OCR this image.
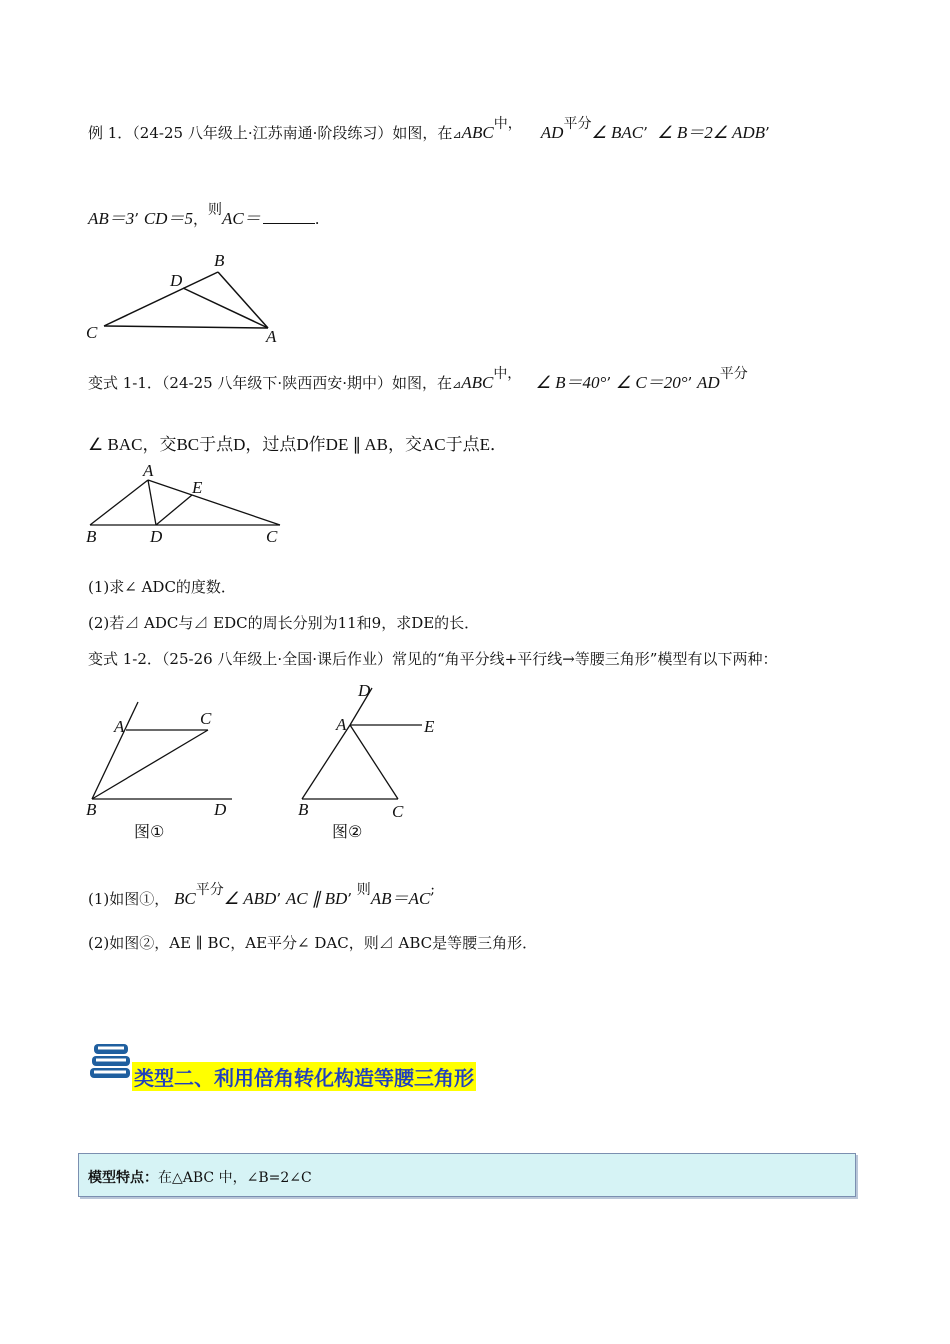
例 1．（24-25 八年级上·江苏南通·阶段练习）如图，在⊿ABC中， AD平分∠ BAC’ ∠ B＝2∠ ADB’
AB＝3’ CD＝5，则AC＝	.
B
D
C	A
变式 1-1．（24-25 八年级下·陕西西安·期中）如图，在⊿ABC中， ∠ B＝40°’ ∠ C＝20°’ AD平分
∠ BAC，交BC于点D，过点D作DE ∥ AB，交AC于点E．
A
E
B	D	C
(1)求∠ ADC的度数．
(2)若⊿ ADC与⊿ EDC的周长分别为11和9，求DE的长．
变式 1-2．（25-26 八年级上·全国·课后作业）常见的“角平分线+平行线→等腰三角形”模型有以下两种：
A	C
B	D
图①
D
A	E
B	C
图②
(1)如图①， BC平分∠ ABD’ AC ∥ BD’ 则AB＝AC;
(2)如图②，AE ∥ BC，AE平分∠ DAC，则⊿ ABC是等腰三角形．
类型二、利用倍角转化构造等腰三角形
模型特点：在△ABC 中，∠B=2∠C
